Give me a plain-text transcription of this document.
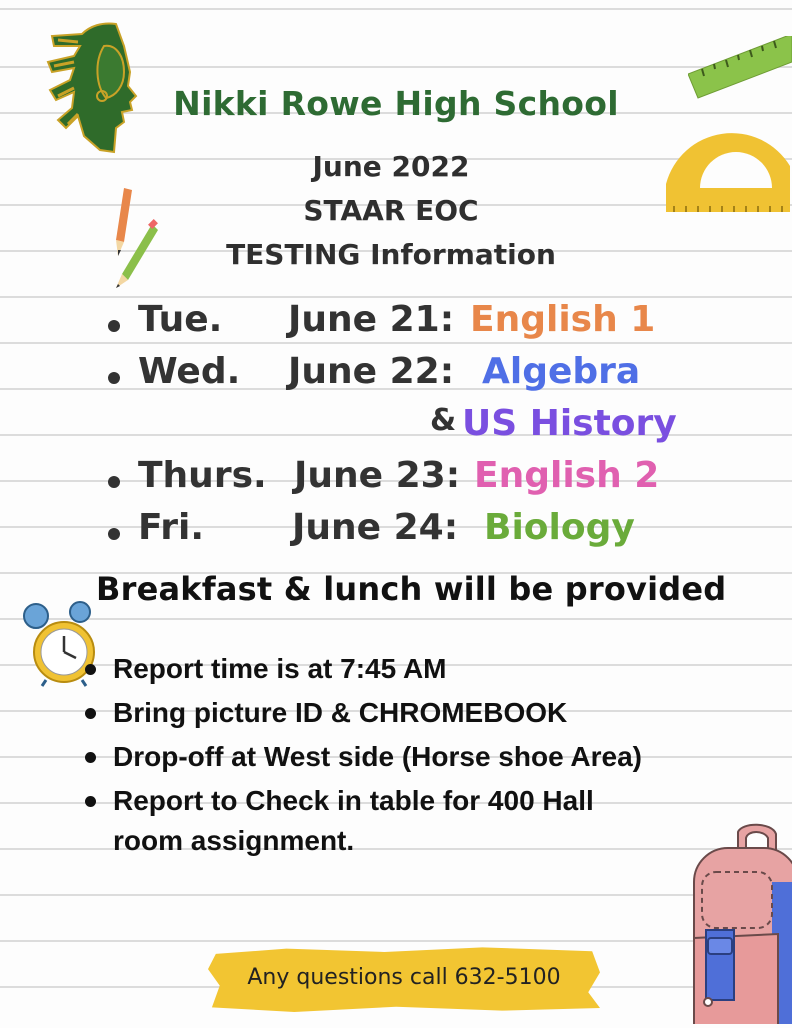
Nikki Rowe High School
June 2022
STAAR EOC
TESTING Information
Tue. June 21: English 1
Wed. June 22: Algebra
& US History
Thurs. June 23: English 2
Fri. June 24: Biology
Breakfast & lunch will be provided
Report time is at 7:45 AM
Bring picture ID & CHROMEBOOK
Drop-off at West side (Horse shoe Area)
Report to Check in table for 400 Hall
room assignment.
Any questions call 632-5100
